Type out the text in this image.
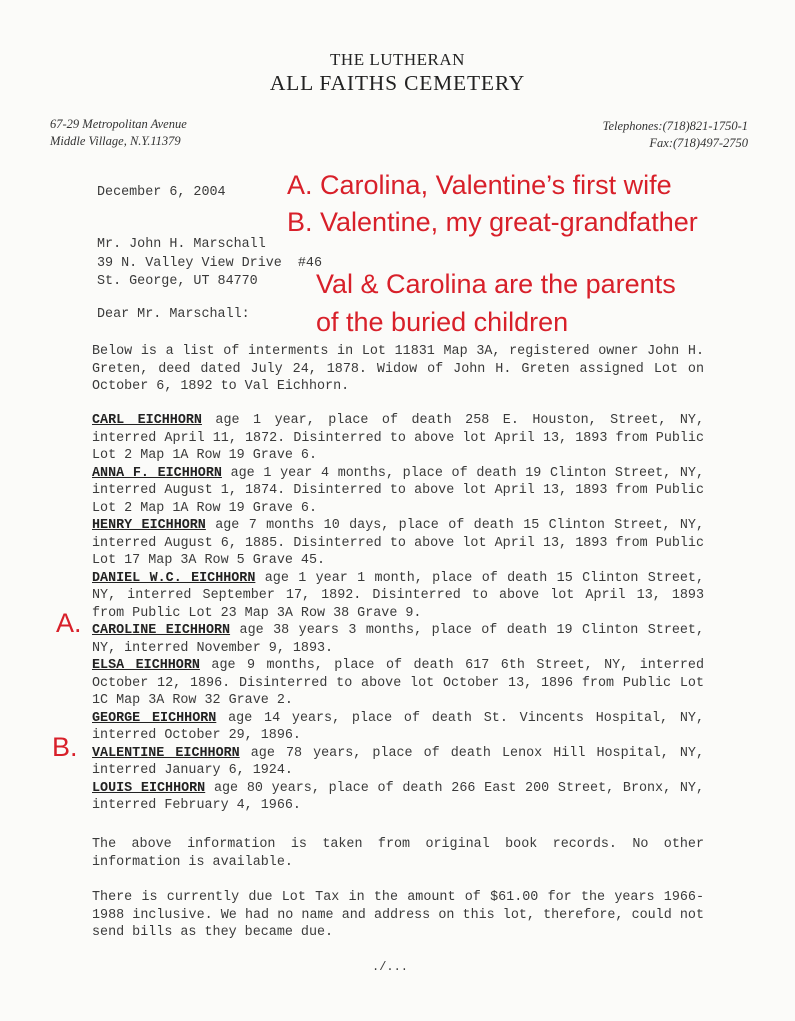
THE LUTHERAN
ALL FAITHS CEMETERY
67-29 Metropolitan Avenue
Middle Village, N.Y.11379
Telephones:(718)821-1750-1
Fax:(718)497-2750
December 6, 2004
Mr. John H. Marschall
39 N. Valley View Drive  #46
St. George, UT 84770
Dear Mr. Marschall:
Below is a list of interments in Lot 11831 Map 3A, registered owner John H. Greten, deed dated July 24, 1878. Widow of John H. Greten assigned Lot on October 6, 1892 to Val Eichhorn.
CARL EICHHORN age 1 year, place of death 258 E. Houston, Street, NY, interred April 11, 1872. Disinterred to above lot April 13, 1893 from Public Lot 2 Map 1A Row 19 Grave 6.
ANNA F. EICHHORN age 1 year 4 months, place of death 19 Clinton Street, NY, interred August 1, 1874. Disinterred to above lot April 13, 1893 from Public Lot 2 Map 1A Row 19 Grave 6.
HENRY EICHHORN age 7 months 10 days, place of death 15 Clinton Street, NY, interred August 6, 1885. Disinterred to above lot April 13, 1893 from Public Lot 17 Map 3A Row 5 Grave 45.
DANIEL W.C. EICHHORN age 1 year 1 month, place of death 15 Clinton Street, NY, interred September 17, 1892. Disinterred to above lot April 13, 1893 from Public Lot 23 Map 3A Row 38 Grave 9.
CAROLINE EICHHORN age 38 years 3 months, place of death 19 Clinton Street, NY, interred November 9, 1893.
ELSA EICHHORN age 9 months, place of death 617 6th Street, NY, interred October 12, 1896. Disinterred to above lot October 13, 1896 from Public Lot 1C Map 3A Row 32 Grave 2.
GEORGE EICHHORN age 14 years, place of death St. Vincents Hospital, NY, interred October 29, 1896.
VALENTINE EICHHORN age 78 years, place of death Lenox Hill Hospital, NY, interred January 6, 1924.
LOUIS EICHHORN age 80 years, place of death 266 East 200 Street, Bronx, NY, interred February 4, 1966.
The above information is taken from original book records. No other information is available.
There is currently due Lot Tax in the amount of $61.00 for the years 1966-1988 inclusive. We had no name and address on this lot, therefore, could not send bills as they became due.
./...
A. Carolina, Valentine’s first wife
B. Valentine, my great-grandfather
Val & Carolina are the parents
of the buried children
A.
B.
